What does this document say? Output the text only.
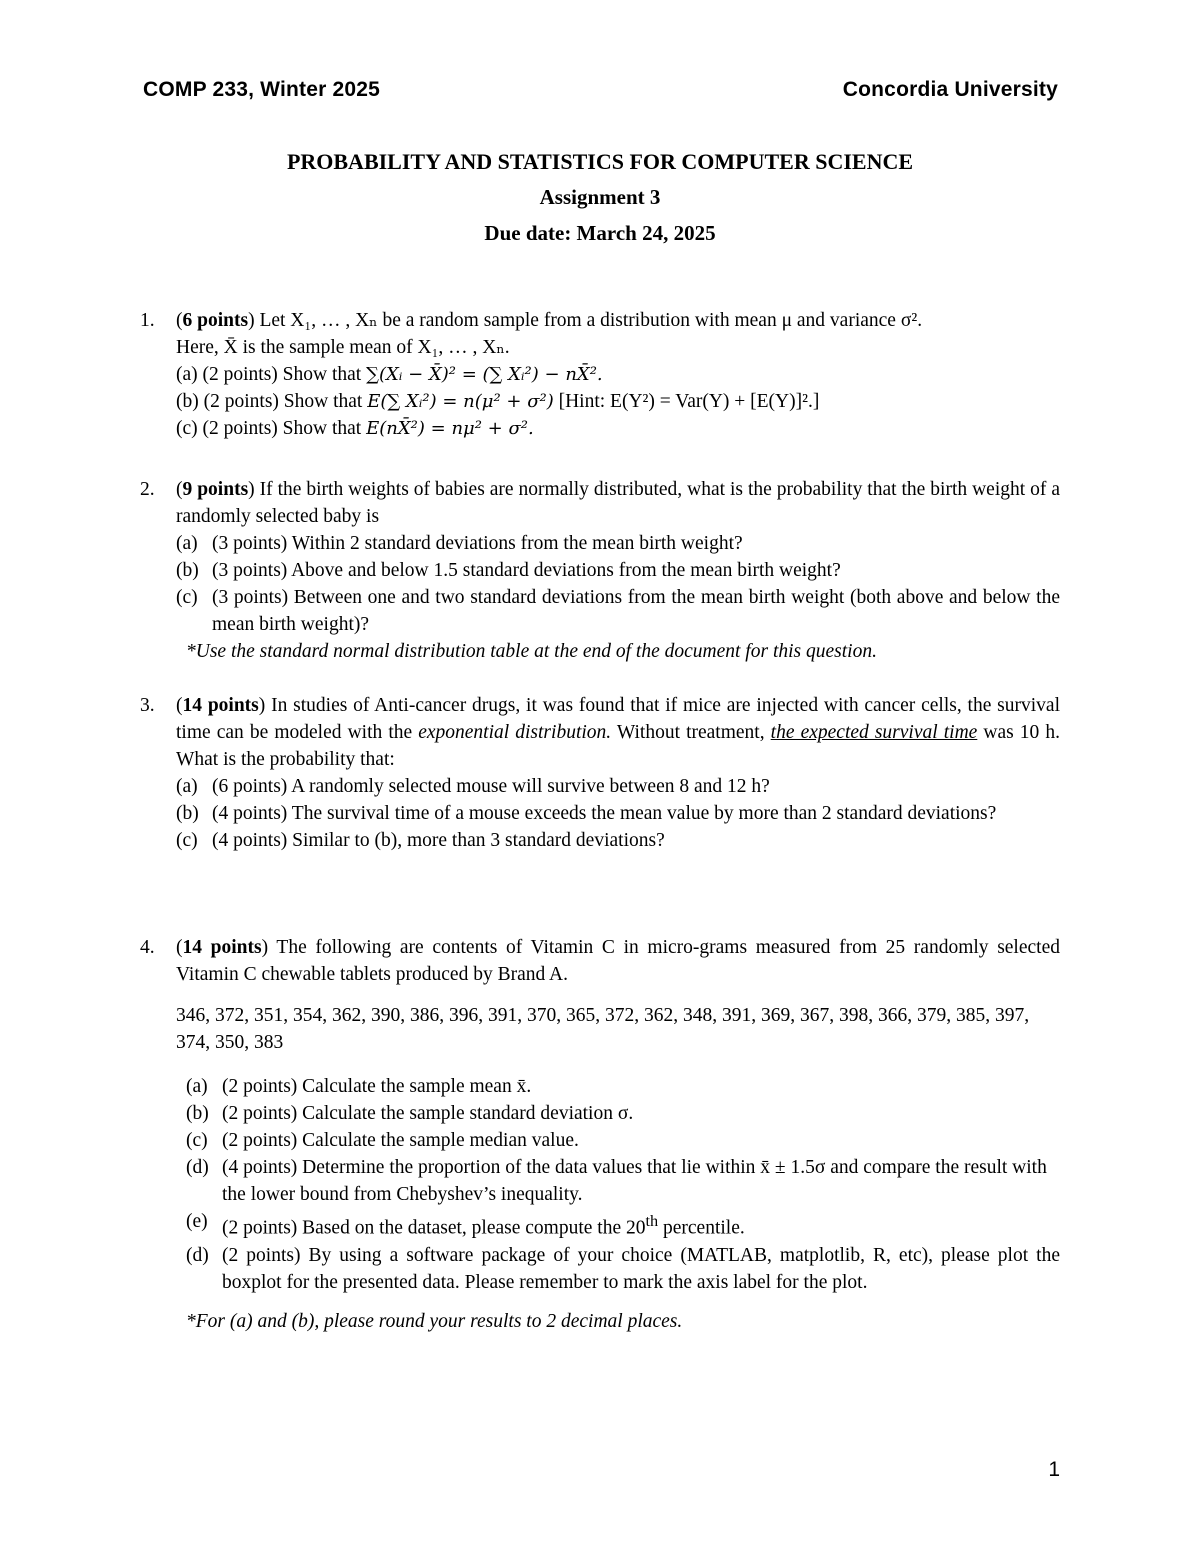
COMP 233, Winter 2025	Concordia University
PROBABILITY AND STATISTICS FOR COMPUTER SCIENCE
Assignment 3
Due date: March 24, 2025
1. (6 points) Let X₁, … , Xₙ be a random sample from a distribution with mean μ and variance σ².
Here, X̄ is the sample mean of X₁, … , Xₙ.
(a) (2 points) Show that ∑(Xᵢ − X̄)² = (∑ Xᵢ²) − nX̄².
(b) (2 points) Show that E(∑ Xᵢ²) = n(μ² + σ²) [Hint: E(Y²) = Var(Y) + [E(Y)]².]
(c) (2 points) Show that E(nX̄²) = nμ² + σ².
2. (9 points) If the birth weights of babies are normally distributed, what is the probability that the birth weight of a randomly selected baby is
(a) (3 points) Within 2 standard deviations from the mean birth weight?
(b) (3 points) Above and below 1.5 standard deviations from the mean birth weight?
(c) (3 points) Between one and two standard deviations from the mean birth weight (both above and below the mean birth weight)?
*Use the standard normal distribution table at the end of the document for this question.
3. (14 points) In studies of Anti-cancer drugs, it was found that if mice are injected with cancer cells, the survival time can be modeled with the exponential distribution. Without treatment, the expected survival time was 10 h. What is the probability that:
(a) (6 points) A randomly selected mouse will survive between 8 and 12 h?
(b) (4 points) The survival time of a mouse exceeds the mean value by more than 2 standard deviations?
(c) (4 points) Similar to (b), more than 3 standard deviations?
4. (14 points) The following are contents of Vitamin C in micro-grams measured from 25 randomly selected Vitamin C chewable tablets produced by Brand A.
346, 372, 351, 354, 362, 390, 386, 396, 391, 370, 365, 372, 362, 348, 391, 369, 367, 398, 366, 379, 385, 397, 374, 350, 383
(a) (2 points) Calculate the sample mean x̄.
(b) (2 points) Calculate the sample standard deviation σ.
(c) (2 points) Calculate the sample median value.
(d) (4 points) Determine the proportion of the data values that lie within x̄ ± 1.5σ and compare the result with the lower bound from Chebyshev’s inequality.
(e) (2 points) Based on the dataset, please compute the 20th percentile.
(d) (2 points) By using a software package of your choice (MATLAB, matplotlib, R, etc), please plot the boxplot for the presented data. Please remember to mark the axis label for the plot.
*For (a) and (b), please round your results to 2 decimal places.
1
